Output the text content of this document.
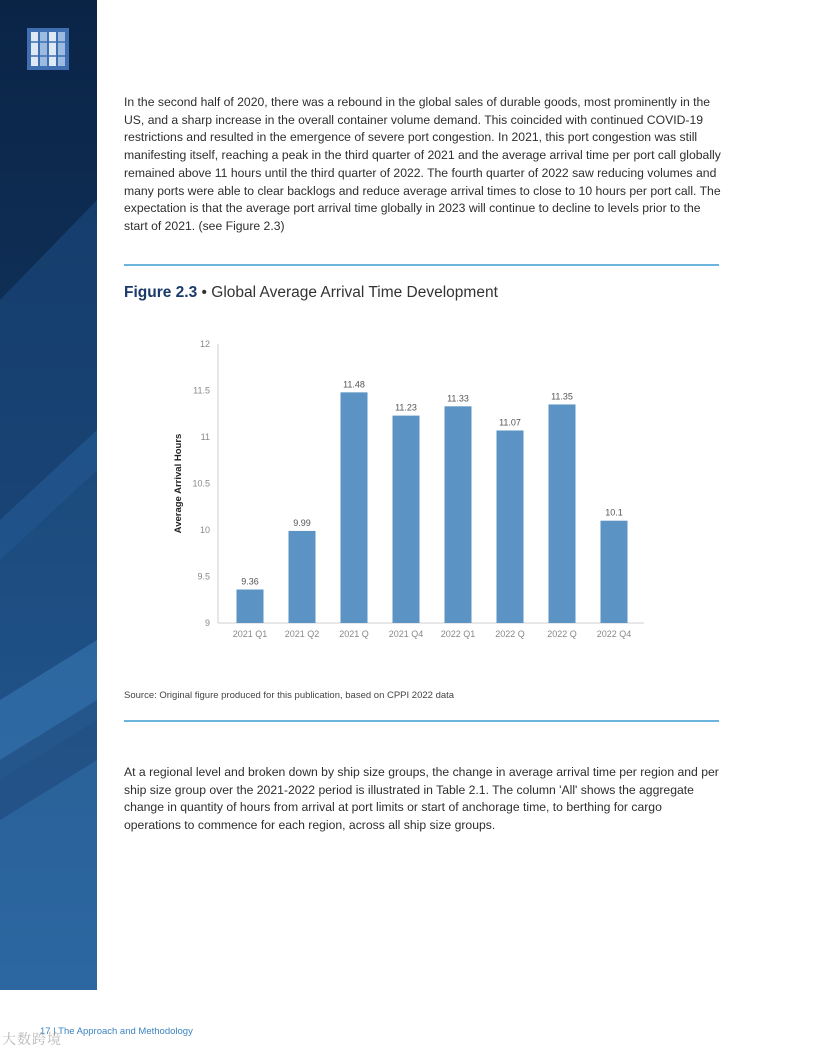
In the second half of 2020, there was a rebound in the global sales of durable goods, most prominently in the US, and a sharp increase in the overall container volume demand. This coincided with continued COVID-19 restrictions and resulted in the emergence of severe port congestion. In 2021, this port congestion was still manifesting itself, reaching a peak in the third quarter of 2021 and the average arrival time per port call globally remained above 11 hours until the third quarter of 2022. The fourth quarter of 2022 saw reducing volumes and many ports were able to clear backlogs and reduce average arrival times to close to 10 hours per port call. The expectation is that the average port arrival time globally in 2023 will continue to decline to levels prior to the start of 2021. (see Figure 2.3)

Figure 2.3 • Global Average Arrival Time Development
9
9.5
10
10.5
11
11.5
12
Average Arrival Hours
9.36
2021 Q1
9.99
2021 Q2
11.48
2021 Q
11.23
2021 Q4
11.33
2022 Q1
11.07
2022 Q
11.35
2022 Q
10.1
2022 Q4
Source: Original figure produced for this publication, based on CPPI 2022 data

At a regional level and broken down by ship size groups, the change in average arrival time per region and per ship size group over the 2021-2022 period is illustrated in Table 2.1. The column 'All' shows the aggregate change in quantity of hours from arrival at port limits or start of anchorage time, to berthing for cargo operations to commence for each region, across all ship size groups.

17 | The Approach and Methodology
大数跨境
